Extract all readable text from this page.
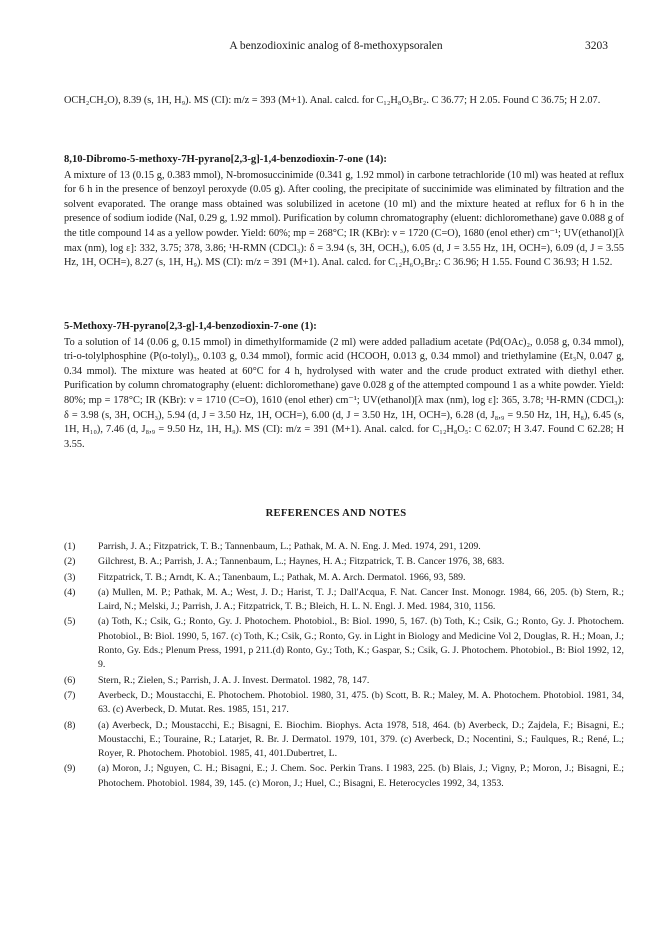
A benzodioxinic analog of 8-methoxypsoralen	3203
OCH₂CH₂O), 8.39 (s, 1H, H₉). MS (CI): m/z = 393 (M+1). Anal. calcd. for C₁₂H₈O₅Br₂. C 36.77; H 2.05. Found C 36.75; H 2.07.
8,10-Dibromo-5-methoxy-7H-pyrano[2,3-g]-1,4-benzodioxin-7-one (14):
A mixture of 13 (0.15 g, 0.383 mmol), N-bromosuccinimide (0.341 g, 1.92 mmol) in carbone tetrachloride (10 ml) was heated at reflux for 6 h in the presence of benzoyl peroxyde (0.05 g). After cooling, the precipitate of succinimide was eliminated by filtration and the solvent evaporated. The orange mass obtained was solubilized in acetone (10 ml) and the mixture heated at reflux for 6 h in the presence of sodium iodide (NaI, 0.29 g, 1.92 mmol). Purification by column chromatography (eluent: dichloromethane) gave 0.088 g of the title compound 14 as a yellow powder. Yield: 60%; mp = 268°C; IR (KBr): ν = 1720 (C=O), 1680 (enol ether) cm⁻¹; UV(ethanol)[λ max (nm), log ε]: 332, 3.75; 378, 3.86; ¹H-RMN (CDCl₃): δ = 3.94 (s, 3H, OCH₃), 6.05 (d, J = 3.55 Hz, 1H, OCH=), 6.09 (d, J = 3.55 Hz, 1H, OCH=), 8.27 (s, 1H, H₉). MS (CI): m/z = 391 (M+1). Anal. calcd. for C₁₂H₆O₅Br₂: C 36.96; H 1.55. Found C 36.93; H 1.52.
5-Methoxy-7H-pyrano[2,3-g]-1,4-benzodioxin-7-one (1):
To a solution of 14 (0.06 g, 0.15 mmol) in dimethylformamide (2 ml) were added palladium acetate (Pd(OAc)₂, 0.058 g, 0.34 mmol), tri-o-tolylphosphine (P(o-tolyl)₃, 0.103 g, 0.34 mmol), formic acid (HCOOH, 0.013 g, 0.34 mmol) and triethylamine (Et₃N, 0.047 g, 0.34 mmol). The mixture was heated at 60°C for 4 h, hydrolysed with water and the crude product extrated with diethyl ether. Purification by column chromatography (eluent: dichloromethane) gave 0.028 g of the attempted compound 1 as a white powder. Yield: 80%; mp = 178°C; IR (KBr): ν = 1710 (C=O), 1610 (enol ether) cm⁻¹; UV(ethanol)[λ max (nm), log ε]: 365, 3.78; ¹H-RMN (CDCl₃): δ = 3.98 (s, 3H, OCH₃), 5.94 (d, J = 3.50 Hz, 1H, OCH=), 6.00 (d, J = 3.50 Hz, 1H, OCH=), 6.28 (d, J₈,₉ = 9.50 Hz, 1H, H₈), 6.45 (s, 1H, H₁₀), 7.46 (d, J₈,₉ = 9.50 Hz, 1H, H₉). MS (CI): m/z = 391 (M+1). Anal. calcd. for C₁₂H₈O₅: C 62.07; H 3.47. Found C 62.28; H 3.55.
REFERENCES AND NOTES
(1)	Parrish, J. A.; Fitzpatrick, T. B.; Tannenbaum, L.; Pathak, M. A. N. Eng. J. Med. 1974, 291, 1209.
(2)	Gilchrest, B. A.; Parrish, J. A.; Tannenbaum, L.; Haynes, H. A.; Fitzpatrick, T. B. Cancer 1976, 38, 683.
(3)	Fitzpatrick, T. B.; Arndt, K. A.; Tanenbaum, L.; Pathak, M. A. Arch. Dermatol. 1966, 93, 589.
(4)	(a) Mullen, M. P.; Pathak, M. A.; West, J. D.; Harist, T. J.; Dall'Acqua, F. Nat. Cancer Inst. Monogr. 1984, 66, 205. (b) Stern, R.; Laird, N.; Melski, J.; Parrish, J. A.; Fitzpatrick, T. B.; Bleich, H. L. N. Engl. J. Med. 1984, 310, 1156.
(5)	(a) Toth, K.; Csik, G.; Ronto, Gy. J. Photochem. Photobiol., B: Biol. 1990, 5, 167. (b) Toth, K.; Csik, G.; Ronto, Gy. J. Photochem. Photobiol., B: Biol. 1990, 5, 167. (c) Toth, K.; Csik, G.; Ronto, Gy. in Light in Biology and Medicine Vol 2, Douglas, R. H.; Moan, J.; Ronto, Gy. Eds.; Plenum Press, 1991, p 211.(d) Ronto, Gy.; Toth, K.; Gaspar, S.; Csik, G. J. Photochem. Photobiol., B: Biol 1992, 12, 9.
(6)	Stern, R.; Zielen, S.; Parrish, J. A. J. Invest. Dermatol. 1982, 78, 147.
(7)	Averbeck, D.; Moustacchi, E. Photochem. Photobiol. 1980, 31, 475. (b) Scott, B. R.; Maley, M. A. Photochem. Photobiol. 1981, 34, 63. (c) Averbeck, D. Mutat. Res. 1985, 151, 217.
(8)	(a) Averbeck, D.; Moustacchi, E.; Bisagni, E. Biochim. Biophys. Acta 1978, 518, 464. (b) Averbeck, D.; Zajdela, F.; Bisagni, E.; Moustacchi, E.; Touraine, R.; Latarjet, R. Br. J. Dermatol. 1979, 101, 379. (c) Averbeck, D.; Nocentini, S.; Faulques, R.; René, L.; Royer, R. Photochem. Photobiol. 1985, 41, 401.Dubertret, L.
(9)	(a) Moron, J.; Nguyen, C. H.; Bisagni, E.; J. Chem. Soc. Perkin Trans. I 1983, 225. (b) Blais, J.; Vigny, P.; Moron, J.; Bisagni, E.; Photochem. Photobiol. 1984, 39, 145. (c) Moron, J.; Huel, C.; Bisagni, E. Heterocycles 1992, 34, 1353.
